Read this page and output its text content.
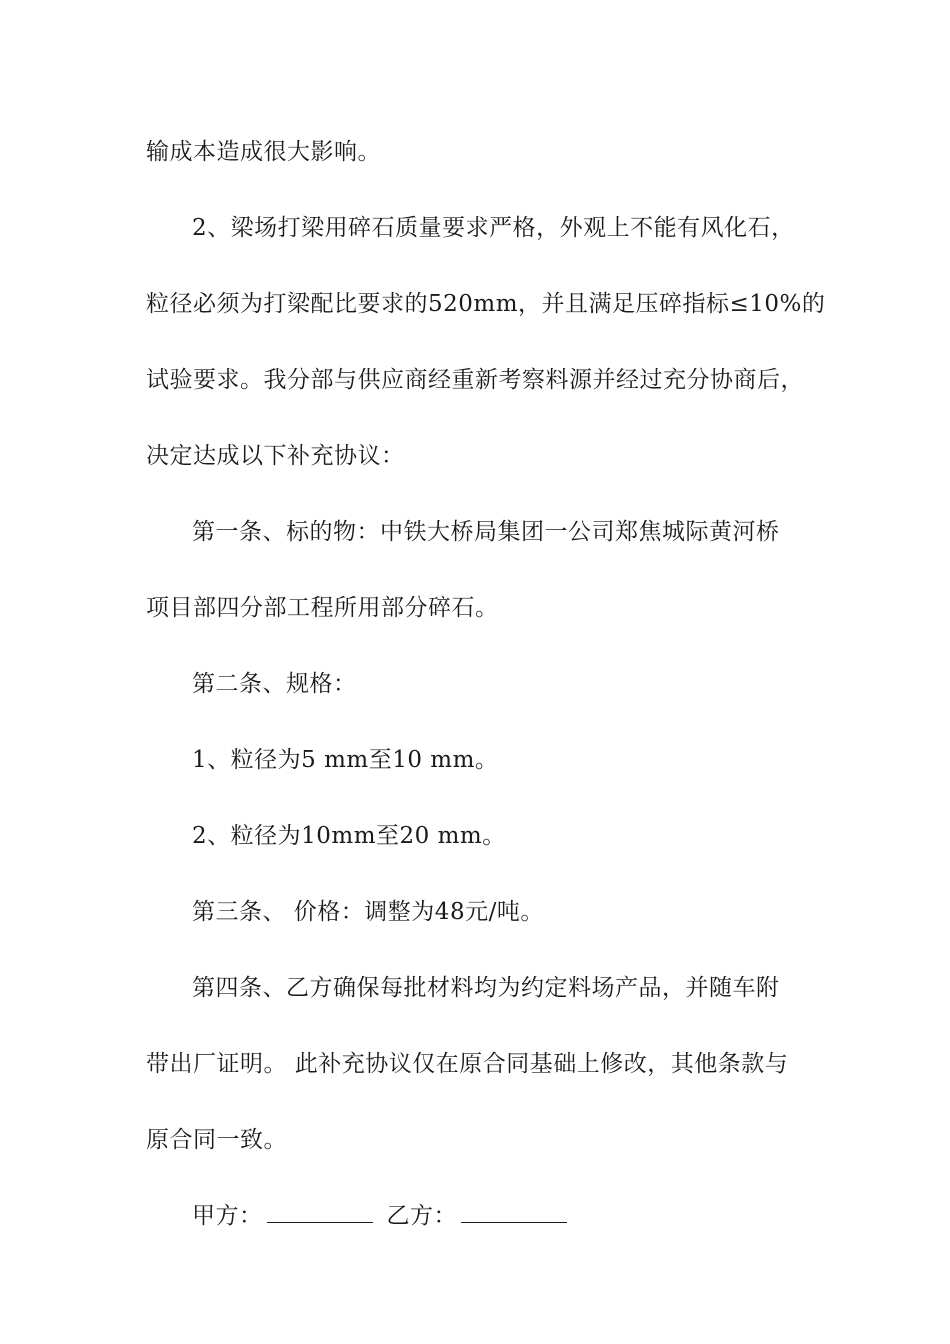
输成本造成很大影响。
2、梁场打梁用碎石质量要求严格，外观上不能有风化石，
粒径必须为打梁配比要求的520mm，并且满足压碎指标≤10%的
试验要求。我分部与供应商经重新考察料源并经过充分协商后，
决定达成以下补充协议：
第一条、标的物：中铁大桥局集团一公司郑焦城际黄河桥
项目部四分部工程所用部分碎石。
第二条、规格：
1、粒径为5 mm至10 mm。
2、粒径为10mm至20 mm。
第三条、 价格：调整为48元/吨。
第四条、乙方确保每批材料均为约定料场产品，并随车附
带出厂证明。 此补充协议仅在原合同基础上修改，其他条款与
原合同一致。
甲方：	乙方：
